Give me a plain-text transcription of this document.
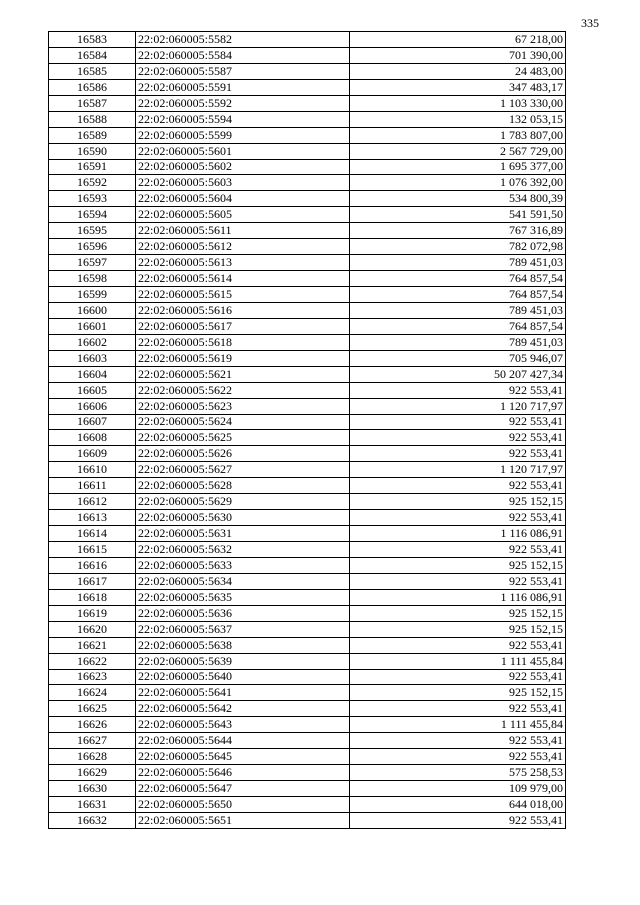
335
16583	22:02:060005:5582	67 218,00
16584	22:02:060005:5584	701 390,00
16585	22:02:060005:5587	24 483,00
16586	22:02:060005:5591	347 483,17
16587	22:02:060005:5592	1 103 330,00
16588	22:02:060005:5594	132 053,15
16589	22:02:060005:5599	1 783 807,00
16590	22:02:060005:5601	2 567 729,00
16591	22:02:060005:5602	1 695 377,00
16592	22:02:060005:5603	1 076 392,00
16593	22:02:060005:5604	534 800,39
16594	22:02:060005:5605	541 591,50
16595	22:02:060005:5611	767 316,89
16596	22:02:060005:5612	782 072,98
16597	22:02:060005:5613	789 451,03
16598	22:02:060005:5614	764 857,54
16599	22:02:060005:5615	764 857,54
16600	22:02:060005:5616	789 451,03
16601	22:02:060005:5617	764 857,54
16602	22:02:060005:5618	789 451,03
16603	22:02:060005:5619	705 946,07
16604	22:02:060005:5621	50 207 427,34
16605	22:02:060005:5622	922 553,41
16606	22:02:060005:5623	1 120 717,97
16607	22:02:060005:5624	922 553,41
16608	22:02:060005:5625	922 553,41
16609	22:02:060005:5626	922 553,41
16610	22:02:060005:5627	1 120 717,97
16611	22:02:060005:5628	922 553,41
16612	22:02:060005:5629	925 152,15
16613	22:02:060005:5630	922 553,41
16614	22:02:060005:5631	1 116 086,91
16615	22:02:060005:5632	922 553,41
16616	22:02:060005:5633	925 152,15
16617	22:02:060005:5634	922 553,41
16618	22:02:060005:5635	1 116 086,91
16619	22:02:060005:5636	925 152,15
16620	22:02:060005:5637	925 152,15
16621	22:02:060005:5638	922 553,41
16622	22:02:060005:5639	1 111 455,84
16623	22:02:060005:5640	922 553,41
16624	22:02:060005:5641	925 152,15
16625	22:02:060005:5642	922 553,41
16626	22:02:060005:5643	1 111 455,84
16627	22:02:060005:5644	922 553,41
16628	22:02:060005:5645	922 553,41
16629	22:02:060005:5646	575 258,53
16630	22:02:060005:5647	109 979,00
16631	22:02:060005:5650	644 018,00
16632	22:02:060005:5651	922 553,41
